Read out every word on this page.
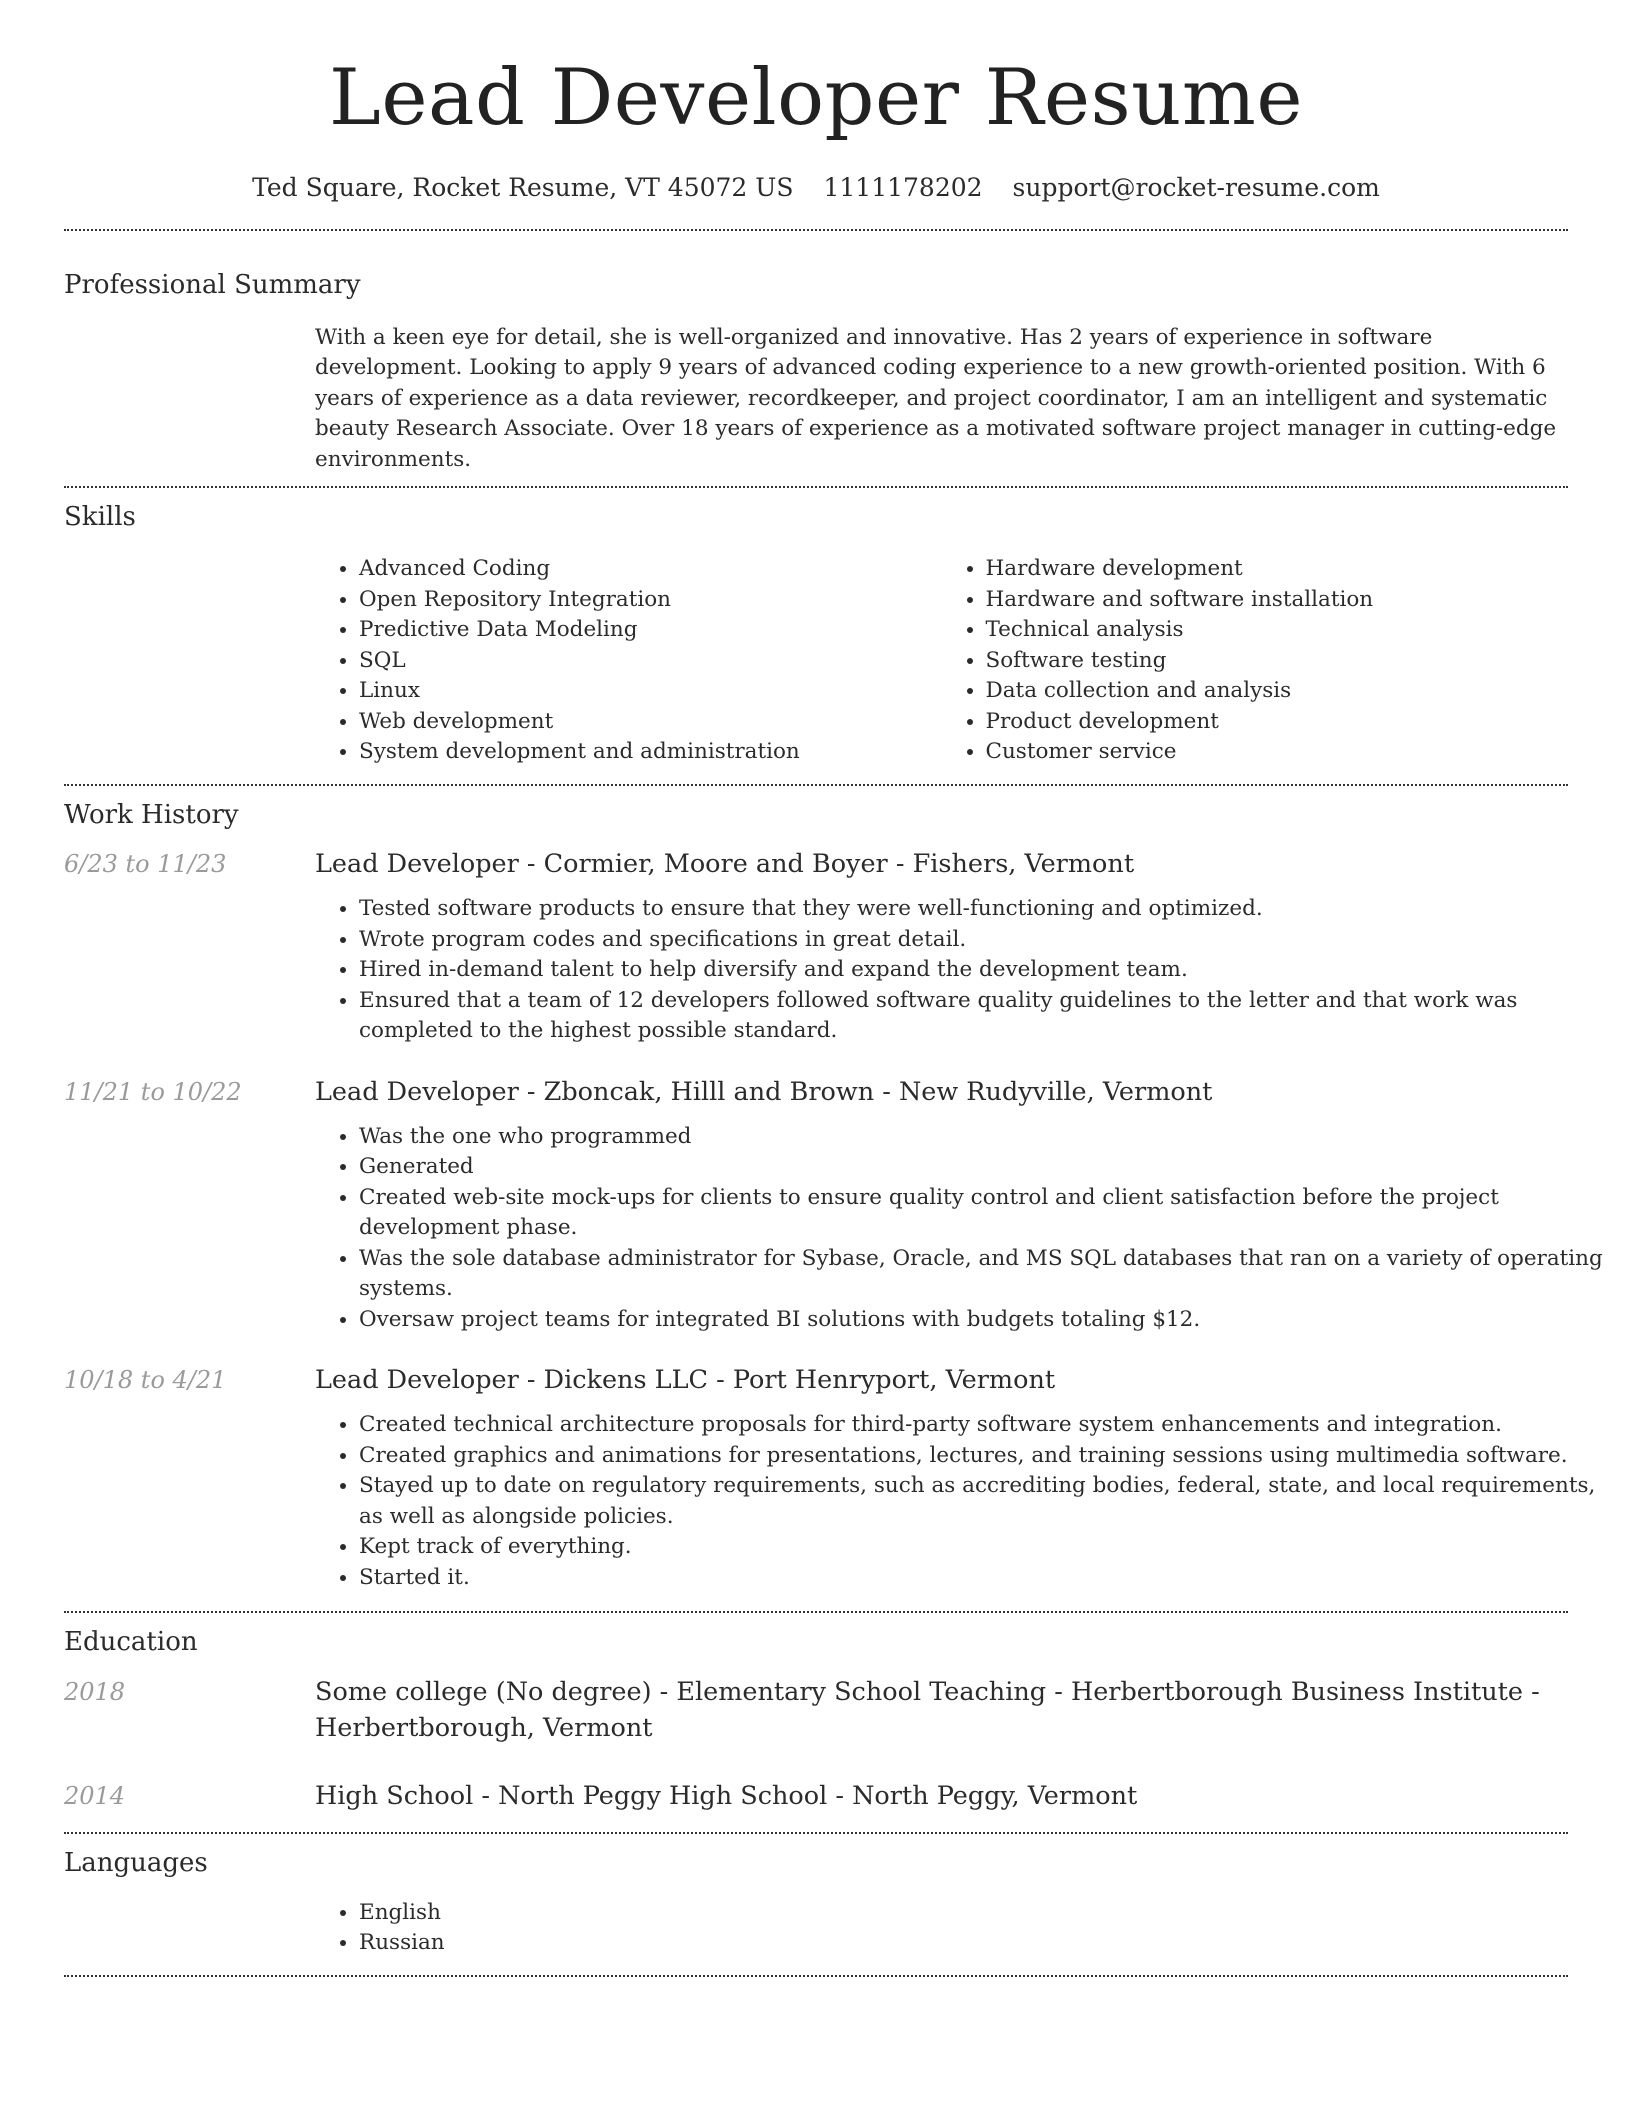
Lead Developer Resume
Ted Square, Rocket Resume, VT 45072 US 1111178202 support@rocket-resume.com
Professional Summary
With a keen eye for detail, she is well-organized and innovative. Has 2 years of experience in software development. Looking to apply 9 years of advanced coding experience to a new growth-oriented position. With 6 years of experience as a data reviewer, recordkeeper, and project coordinator, I am an intelligent and systematic beauty Research Associate. Over 18 years of experience as a motivated software project manager in cutting-edge environments.
Skills
• Advanced Coding
• Open Repository Integration
• Predictive Data Modeling
• SQL
• Linux
• Web development
• System development and administration
• Hardware development
• Hardware and software installation
• Technical analysis
• Software testing
• Data collection and analysis
• Product development
• Customer service
Work History
6/23 to 11/23	Lead Developer - Cormier, Moore and Boyer - Fishers, Vermont
• Tested software products to ensure that they were well-functioning and optimized.
• Wrote program codes and specifications in great detail.
• Hired in-demand talent to help diversify and expand the development team.
• Ensured that a team of 12 developers followed software quality guidelines to the letter and that work was completed to the highest possible standard.
11/21 to 10/22	Lead Developer - Zboncak, Hilll and Brown - New Rudyville, Vermont
• Was the one who programmed
• Generated
• Created web-site mock-ups for clients to ensure quality control and client satisfaction before the project development phase.
• Was the sole database administrator for Sybase, Oracle, and MS SQL databases that ran on a variety of operating systems.
• Oversaw project teams for integrated BI solutions with budgets totaling $12.
10/18 to 4/21	Lead Developer - Dickens LLC - Port Henryport, Vermont
• Created technical architecture proposals for third-party software system enhancements and integration.
• Created graphics and animations for presentations, lectures, and training sessions using multimedia software.
• Stayed up to date on regulatory requirements, such as accrediting bodies, federal, state, and local requirements, as well as alongside policies.
• Kept track of everything.
• Started it.
Education
2018	Some college (No degree) - Elementary School Teaching - Herbertborough Business Institute - Herbertborough, Vermont
2014	High School - North Peggy High School - North Peggy, Vermont
Languages
• English
• Russian
